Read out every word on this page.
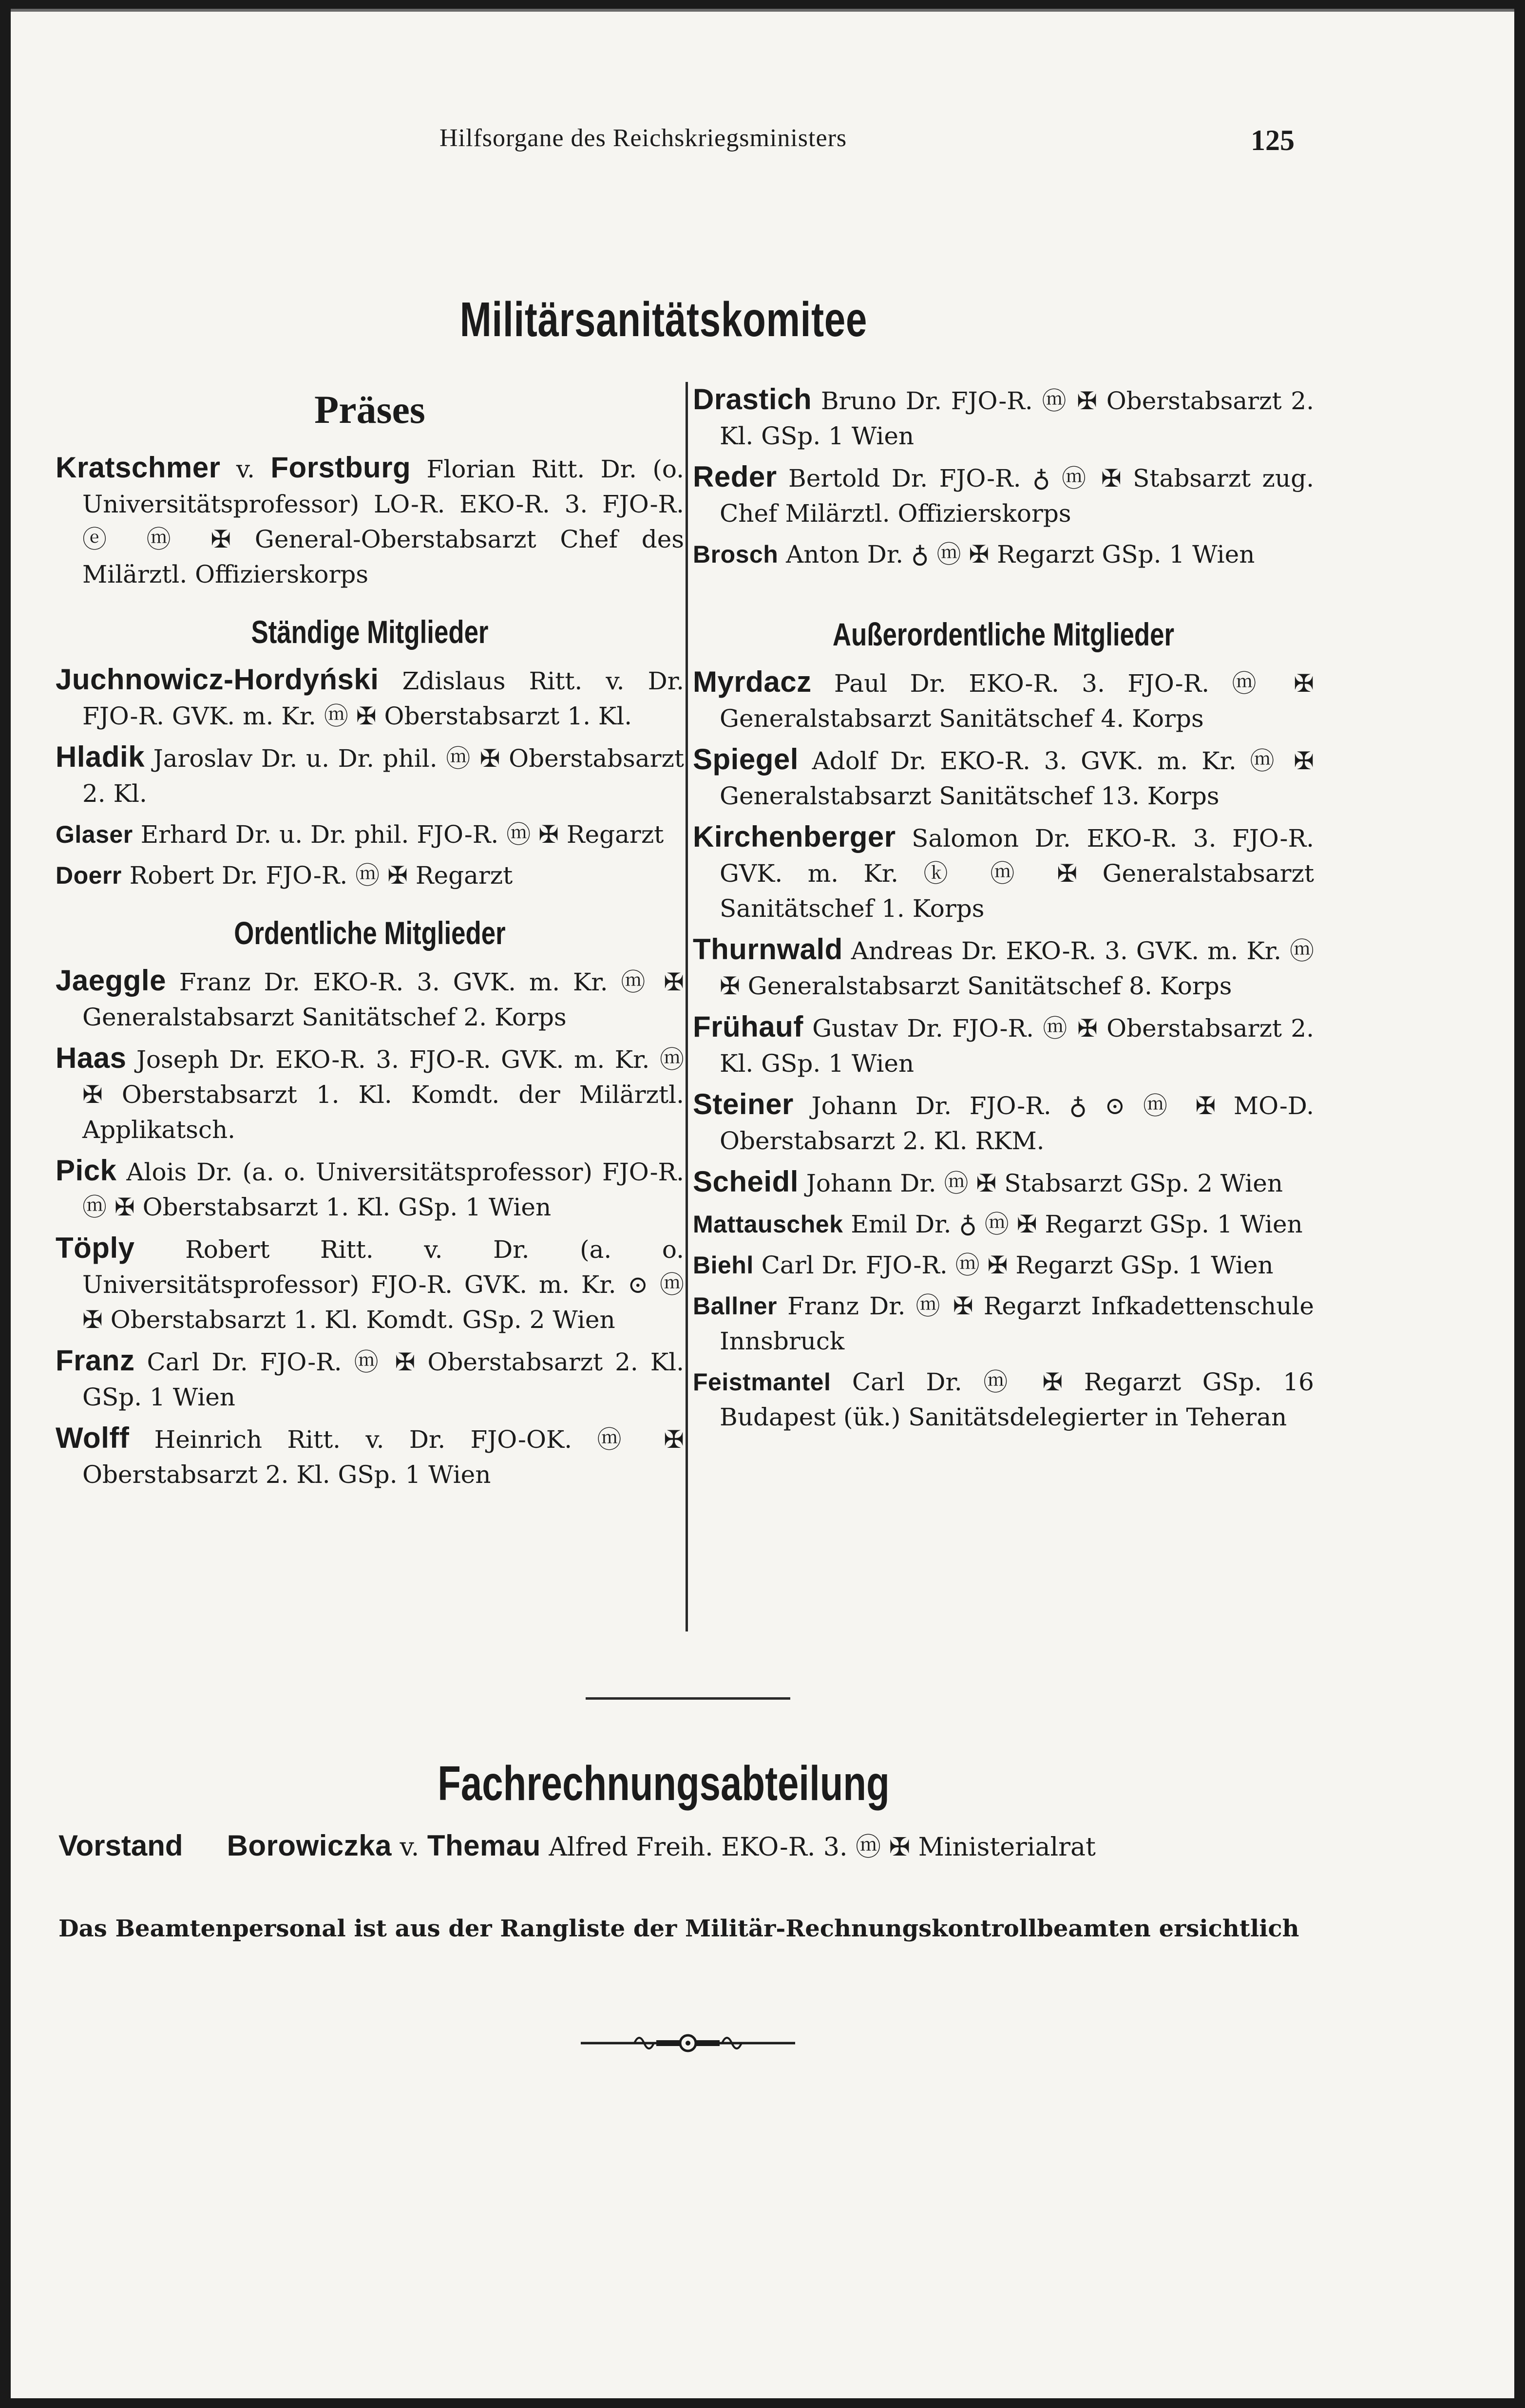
Hilfsorgane des Reichskriegsministers	125
Militärsanitätskomitee
Präses

Kratschmer v. Forstburg Florian Ritt. Dr. (o. Universitätsprofessor) LO-R. EKO-R. 3. FJO-R. ⓔ ⓜ ✠ General-Oberstabsarzt Chef des Milärztl. Offizierskorps

Ständige Mitglieder

Juchnowicz-Hordyński Zdislaus Ritt. v. Dr. FJO-R. GVK. m. Kr. ⓜ ✠ Oberstabsarzt 1. Kl.

Hladik Jaroslav Dr. u. Dr. phil. ⓜ ✠ Oberstabsarzt 2. Kl.

Glaser Erhard Dr. u. Dr. phil. FJO-R. ⓜ ✠ Regarzt

Doerr Robert Dr. FJO-R. ⓜ ✠ Regarzt

Ordentliche Mitglieder

Jaeggle Franz Dr. EKO-R. 3. GVK. m. Kr. ⓜ ✠ Generalstabsarzt Sanitätschef 2. Korps

Haas Joseph Dr. EKO-R. 3. FJO-R. GVK. m. Kr. ⓜ ✠ Oberstabsarzt 1. Kl. Komdt. der Milärztl. Applikatsch.

Pick Alois Dr. (a. o. Universitätsprofessor) FJO-R. ⓜ ✠ Oberstabsarzt 1. Kl. GSp. 1 Wien

Töply Robert Ritt. v. Dr. (a. o. Universitätsprofessor) FJO-R. GVK. m. Kr. ⊙ ⓜ ✠ Oberstabsarzt 1. Kl. Komdt. GSp. 2 Wien

Franz Carl Dr. FJO-R. ⓜ ✠ Oberstabsarzt 2. Kl. GSp. 1 Wien

Wolff Heinrich Ritt. v. Dr. FJO-OK. ⓜ ✠ Oberstabsarzt 2. Kl. GSp. 1 Wien

Drastich Bruno Dr. FJO-R. ⓜ ✠ Oberstabsarzt 2. Kl. GSp. 1 Wien

Reder Bertold Dr. FJO-R. ♁ ⓜ ✠ Stabsarzt zug. Chef Milärztl. Offizierskorps

Brosch Anton Dr. ♁ ⓜ ✠ Regarzt GSp. 1 Wien

Außerordentliche Mitglieder

Myrdacz Paul Dr. EKO-R. 3. FJO-R. ⓜ ✠ Generalstabsarzt Sanitätschef 4. Korps

Spiegel Adolf Dr. EKO-R. 3. GVK. m. Kr. ⓜ ✠ Generalstabsarzt Sanitätschef 13. Korps

Kirchenberger Salomon Dr. EKO-R. 3. FJO-R. GVK. m. Kr. ⓚ ⓜ ✠ Generalstabsarzt Sanitätschef 1. Korps

Thurnwald Andreas Dr. EKO-R. 3. GVK. m. Kr. ⓜ ✠ Generalstabsarzt Sanitätschef 8. Korps

Frühauf Gustav Dr. FJO-R. ⓜ ✠ Oberstabsarzt 2. Kl. GSp. 1 Wien

Steiner Johann Dr. FJO-R. ♁ ⊙ ⓜ ✠ MO-D. Oberstabsarzt 2. Kl. RKM.

Scheidl Johann Dr. ⓜ ✠ Stabsarzt GSp. 2 Wien

Mattauschek Emil Dr. ♁ ⓜ ✠ Regarzt GSp. 1 Wien

Biehl Carl Dr. FJO-R. ⓜ ✠ Regarzt GSp. 1 Wien

Ballner Franz Dr. ⓜ ✠ Regarzt Infkadettenschule Innsbruck

Feistmantel Carl Dr. ⓜ ✠ Regarzt GSp. 16 Budapest (ük.) Sanitätsdelegierter in Teheran

Fachrechnungsabteilung
Vorstand Borowiczka v. Themau Alfred Freih. EKO-R. 3. ⓜ ✠ Ministerialrat
Das Beamtenpersonal ist aus der Rangliste der Militär-Rechnungskontrollbeamten ersichtlich
